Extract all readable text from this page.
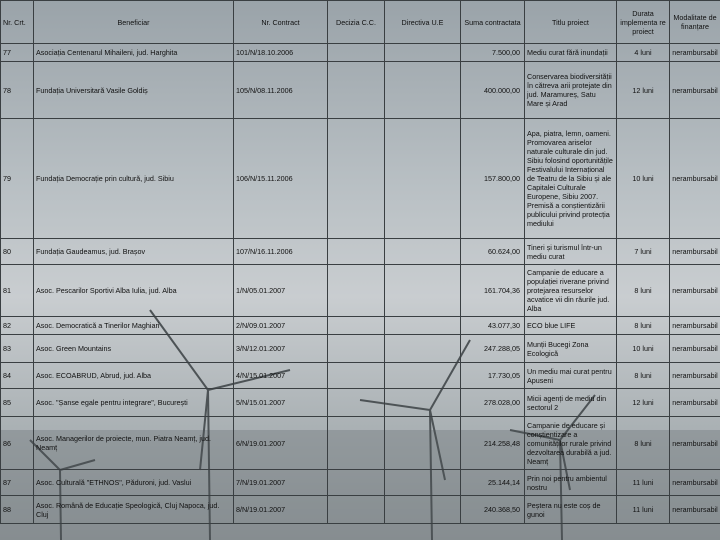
Nr. Crt.	Beneficiar	Nr. Contract	Decizia C.C.	Directiva U.E	Suma contractata	Titlu proiect	Durata implementa re proiect	Modalitate de finanțare
77	Asociația Centenarul Mihaileni, jud. Harghita	101/N/18.10.2006			7.500,00	Mediu curat fără inundații	4 luni	nerambursabil
78	Fundația Universitară Vasile Goldiș	105/N/08.11.2006			400.000,00	Conservarea biodiversității în cătreva arii protejate din jud. Maramureș, Satu Mare și Arad	12 luni	nerambursabil
79	Fundația Democrație prin cultură, jud. Sibiu	106/N/15.11.2006			157.800,00	Apa, piatra, lemn, oameni. Promovarea ariselor naturale culturale din jud. Sibiu folosind oportunitățile Festivalului Internațional de Teatru de la Sibiu și ale Capitalei Culturale Europene, Sibiu 2007. Premisă a conștientizării publicului privind protecția mediului	10 luni	nerambursabil
80	Fundația Gaudeamus, jud. Brașov	107/N/16.11.2006			60.624,00	Tineri și turismul într-un mediu curat	7 luni	nerambursabil
81	Asoc. Pescarilor Sportivi Alba Iulia, jud. Alba	1/N/05.01.2007			161.704,36	Campanie de educare a populației riverane privind protejarea resurselor acvatice vii din râurile jud. Alba	8 luni	nerambursabil
82	Asoc. Democratică a Tinerilor Maghiari	2/N/09.01.2007			43.077,30	ECO blue LIFE	8 luni	nerambursabil
83	Asoc. Green Mountains	3/N/12.01.2007			247.288,05	Munții Bucegi Zona Ecologică	10 luni	nerambursabil
84	Asoc. ECOABRUD, Abrud, jud. Alba	4/N/15.01.2007			17.730,05	Un mediu mai curat pentru Apuseni	8 luni	nerambursabil
85	Asoc. "Șanse egale pentru integrare", București	5/N/15.01.2007			278.028,00	Micii agenți de mediu din sectorul 2	12 luni	nerambursabil
86	Asoc. Managerilor de proiecte, mun. Piatra Neamț, jud. Neamț	6/N/19.01.2007			214.258,48	Campanie de educare și conștientizare a comunităților rurale privind dezvoltarea durabilă a jud. Neamț	8 luni	nerambursabil
87	Asoc. Culturală "ETHNOS", Păduroni, jud. Vaslui	7/N/19.01.2007			25.144,14	Prin noi pentru ambientul nostru	11 luni	nerambursabil
88	Asoc. Română de Educație Speologică, Cluj Napoca, jud. Cluj	8/N/19.01.2007			240.368,50	Peștera nu este coș de gunoi	11 luni	nerambursabil
